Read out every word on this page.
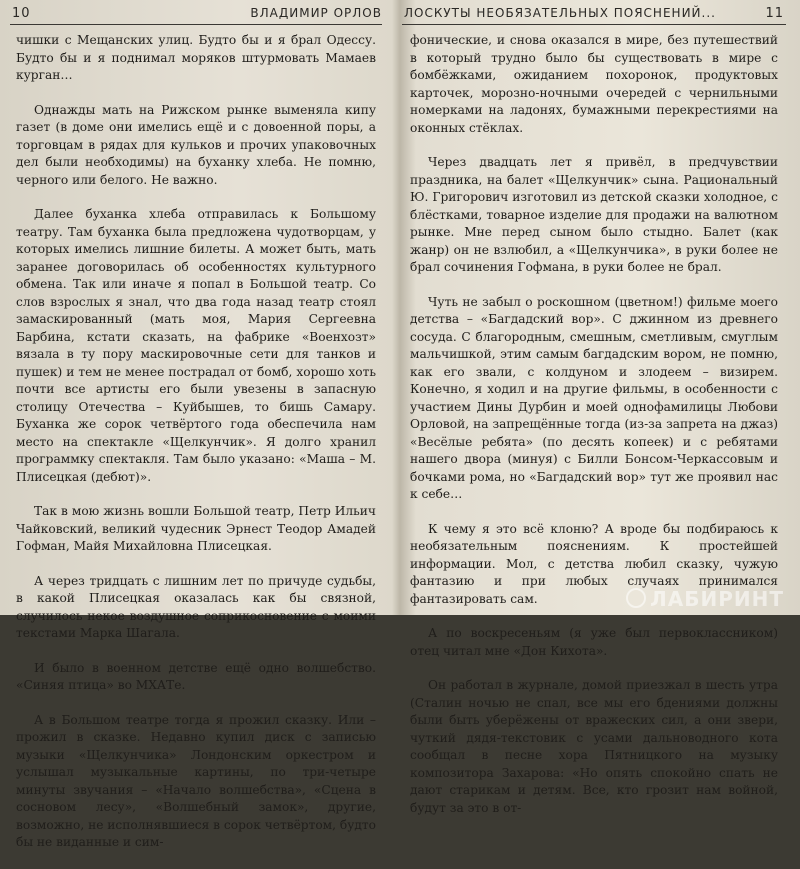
10	ВЛАДИМИР ОРЛОВ

чишки с Мещанских улиц. Будто бы и я брал Одессу. Будто бы и я поднимал моряков штурмовать Мамаев курган…

Однажды мать на Рижском рынке выменяла кипу газет (в доме они имелись ещё и с довоенной поры, а торговцам в рядах для кульков и прочих упаковочных дел были необходимы) на буханку хлеба. Не помню, черного или белого. Не важно.

Далее буханка хлеба отправилась к Большому театру. Там буханка была предложена чудотворцам, у которых имелись лишние билеты. А может быть, мать заранее договорилась об особенностях культурного обмена. Так или иначе я попал в Большой театр. Со слов взрослых я знал, что два года назад театр стоял замаскированный (мать моя, Мария Сергеевна Барбина, кстати сказать, на фабрике «Военхозт» вязала в ту пору маскировочные сети для танков и пушек) и тем не менее пострадал от бомб, хорошо хоть почти все артисты его были увезены в запасную столицу Отечества – Куйбышев, то бишь Самару. Буханка же сорок четвёртого года обеспечила нам место на спектакле «Щелкунчик». Я долго хранил программку спектакля. Там было указано: «Маша – М. Плисецкая (дебют)».

Так в мою жизнь вошли Большой театр, Петр Ильич Чайковский, великий чудесник Эрнест Теодор Амадей Гофман, Майя Михайловна Плисецкая.

А через тридцать с лишним лет по причуде судьбы, в какой Плисецкая оказалась как бы связной, случилось некое воздушное соприкосновение с моими текстами Марка Шагала.

И было в военном детстве ещё одно волшебство. «Синяя птица» во МХАТе.

А в Большом театре тогда я прожил сказку. Или – прожил в сказке. Недавно купил диск с записью музыки «Щелкунчика» Лондонским оркестром и услышал музыкальные картины, по три-четыре минуты звучания – «Начало волшебства», «Сцена в сосновом лесу», «Волшебный замок», другие, возможно, не исполнявшиеся в сорок четвёртом, будто бы не виданные и сим-

ЛОСКУТЫ НЕОБЯЗАТЕЛЬНЫХ ПОЯСНЕНИЙ...	11

фонические, и снова оказался в мире, без путешествий в который трудно было бы существовать в мире с бомбёжками, ожиданием похоронок, продуктовых карточек, морозно-ночными очередей с чернильными номерками на ладонях, бумажными перекрестиями на оконных стёклах.

Через двадцать лет я привёл, в предчувствии праздника, на балет «Щелкунчик» сына. Рациональный Ю. Григорович изготовил из детской сказки холодное, с блёстками, товарное изделие для продажи на валютном рынке. Мне перед сыном было стыдно. Балет (как жанр) он не взлюбил, а «Щелкунчика», в руки более не брал сочинения Гофмана, в руки более не брал.

Чуть не забыл о роскошном (цветном!) фильме моего детства – «Багдадский вор». С джинном из древнего сосуда. С благородным, смешным, сметливым, смуглым мальчишкой, этим самым багдадским вором, не помню, как его звали, с колдуном и злодеем – визирем. Конечно, я ходил и на другие фильмы, в особенности с участием Дины Дурбин и моей однофамилицы Любови Орловой, на запрещённые тогда (из-за запрета на джаз) «Весёлые ребята» (по десять копеек) и с ребятами нашего двора (минуя) с Билли Бонсом-Черкассовым и бочками рома, но «Багдадский вор» тут же проявил нас к себе…

К чему я это всё клоню? А вроде бы подбираюсь к необязательным пояснениям. К простейшей информации. Мол, с детства любил сказку, чужую фантазию и при любых случаях принимался фантазировать сам.

А по воскресеньям (я уже был первоклассником) отец читал мне «Дон Кихота».

Он работал в журнале, домой приезжал в шесть утра (Сталин ночью не спал, все мы его бдениями должны были быть уберёжены от вражеских сил, а они звери, чуткий дядя-текстовик с усами дальноводного кота сообщал в песне хора Пятницкого на музыку композитора Захарова: «Но опять спокойно спать не дают старикам и детям. Все, кто грозит нам войной, будут за это в от-

ЛАБИРИНТ
